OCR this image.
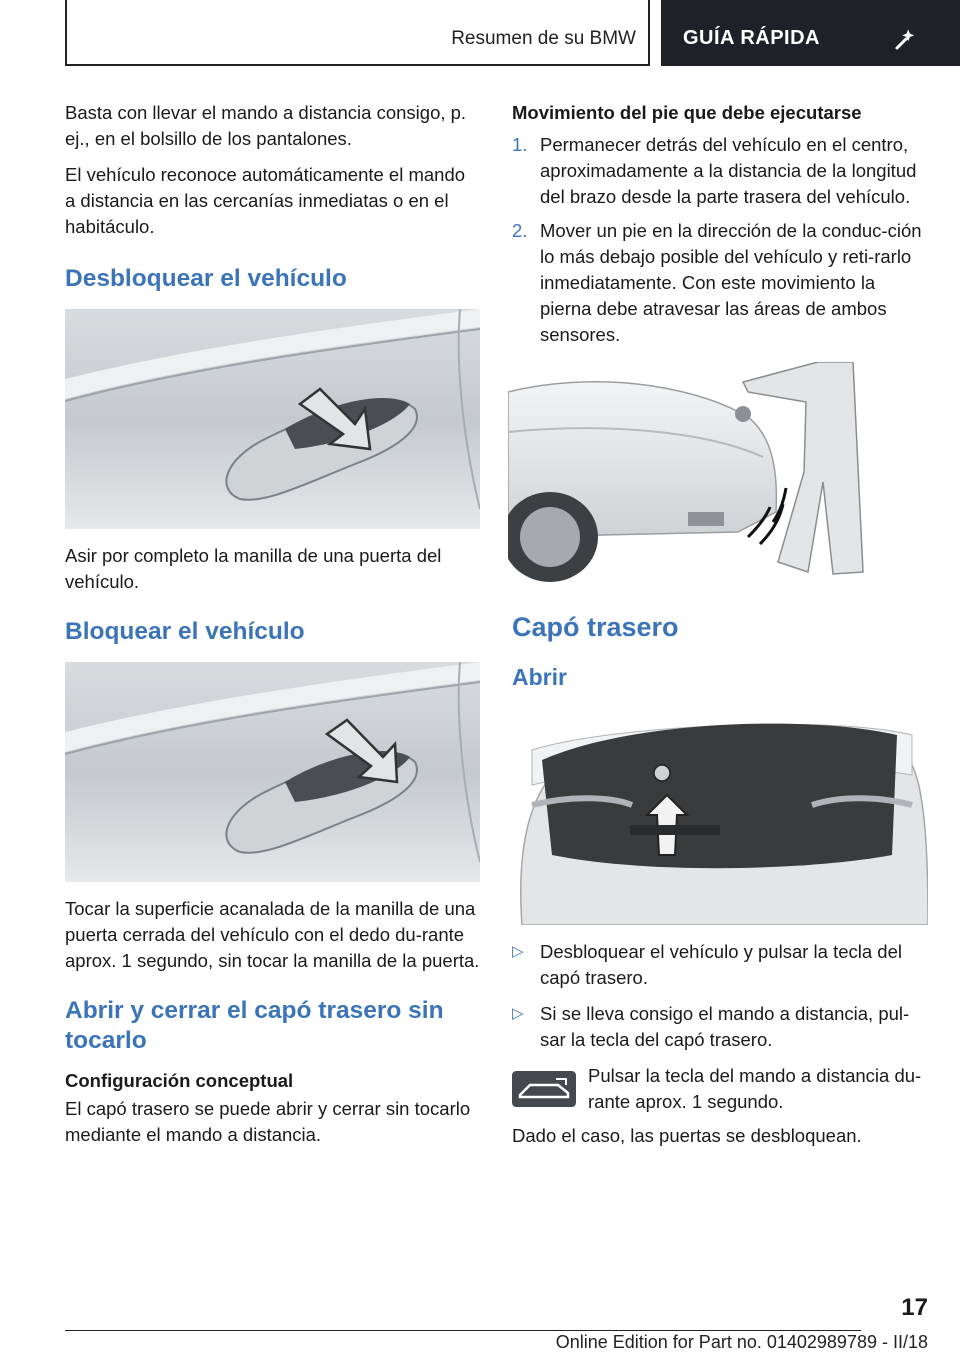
Resumen de su BMW GUÍA RÁPIDA

Basta con llevar el mando a distancia consigo, p. ej., en el bolsillo de los pantalones.

El vehículo reconoce automáticamente el mando a distancia en las cercanías inmediatas o en el habitáculo.

Desbloquear el vehículo

Asir por completo la manilla de una puerta del vehículo.

Bloquear el vehículo

Tocar la superficie acanalada de la manilla de una puerta cerrada del vehículo con el dedo du-rante aprox. 1 segundo, sin tocar la manilla de la puerta.

Abrir y cerrar el capó trasero sin tocarlo
Configuración conceptual

El capó trasero se puede abrir y cerrar sin tocarlo mediante el mando a distancia.

Movimiento del pie que debe ejecutarse
1. Permanecer detrás del vehículo en el centro, aproximadamente a la distancia de la longitud del brazo desde la parte trasera del vehículo.
2. Mover un pie en la dirección de la conduc-ción lo más debajo posible del vehículo y reti-rarlo inmediatamente. Con este movimiento la pierna debe atravesar las áreas de ambos sensores.
Capó trasero
Abrir
▷ Desbloquear el vehículo y pulsar la tecla del capó trasero.
▷ Si se lleva consigo el mando a distancia, pul-sar la tecla del capó trasero.
Pulsar la tecla del mando a distancia du-rante aprox. 1 segundo.

Dado el caso, las puertas se desbloquean.

17
Online Edition for Part no. 01402989789 - II/18
